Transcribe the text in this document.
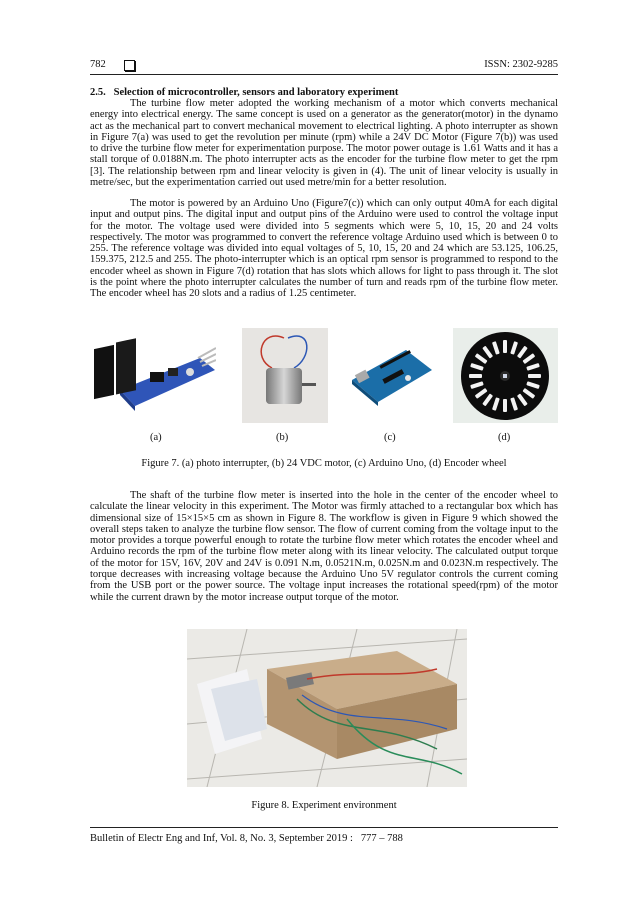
782	ISSN: 2302-9285
2.5.  Selection of microcontroller, sensors and laboratory experiment

The turbine flow meter adopted the working mechanism of a motor which converts mechanical energy into electrical energy. The same concept is used on a generator as the generator(motor) in the dynamo act as the mechanical part to convert mechanical movement to electrical lighting. A photo interrupter as shown in Figure 7(a) was used to get the revolution per minute (rpm) while a 24V DC Motor (Figure 7(b)) was used to drive the turbine flow meter for experimentation purpose. The motor power outage is 1.61 Watts and it has a stall torque of 0.0188N.m. The photo interrupter acts as the encoder for the turbine flow meter to get the rpm [3]. The relationship between rpm and linear velocity is given in (4). The unit of linear velocity is usually in metre/sec, but the experimentation carried out used metre/min for a better resolution.

The motor is powered by an Arduino Uno (Figure7(c)) which can only output 40mA for each digital input and output pins. The digital input and output pins of the Arduino were used to control the voltage input for the motor. The voltage used were divided into 5 segments which were 5, 10, 15, 20 and 24 volts respectively. The motor was programmed to convert the reference voltage Arduino used which is between 0 to 255. The reference voltage was divided into equal voltages of 5, 10, 15, 20 and 24 which are 53.125, 106.25, 159.375, 212.5 and 255. The photo-interrupter which is an optical rpm sensor is programmed to respond to the encoder wheel as shown in Figure 7(d) rotation that has slots which allows for light to pass through it. The slot is the point where the photo interrupter calculates the number of turn and reads rpm of the turbine flow meter. The encoder wheel has 20 slots and a radius of 1.25 centimeter.

(a)	(b)	(c)	(d)
Figure 7. (a) photo interrupter, (b) 24 VDC motor, (c) Arduino Uno, (d) Encoder wheel

The shaft of the turbine flow meter is inserted into the hole in the center of the encoder wheel to calculate the linear velocity in this experiment. The Motor was firmly attached to a rectangular box which has dimensional size of 15×15×5 cm as shown in Figure 8. The workflow is given in Figure 9 which showed the overall steps taken to analyze the turbine flow sensor. The flow of current coming from the voltage input to the motor provides a torque powerful enough to rotate the turbine flow meter which rotates the encoder wheel and Arduino records the rpm of the turbine flow meter along with its linear velocity. The calculated output torque of the motor for 15V, 16V, 20V and 24V is 0.091 N.m, 0.0521N.m, 0.025N.m and 0.023N.m respectively. The torque decreases with increasing voltage because the Arduino Uno 5V regulator controls the current coming from the USB port or the power source. The voltage input increases the rotational speed(rpm) of the motor while the current drawn by the motor increase output torque of the motor.

Figure 8. Experiment environment
Bulletin of Electr Eng and Inf, Vol. 8, No. 3, September 2019 :  777 – 788
